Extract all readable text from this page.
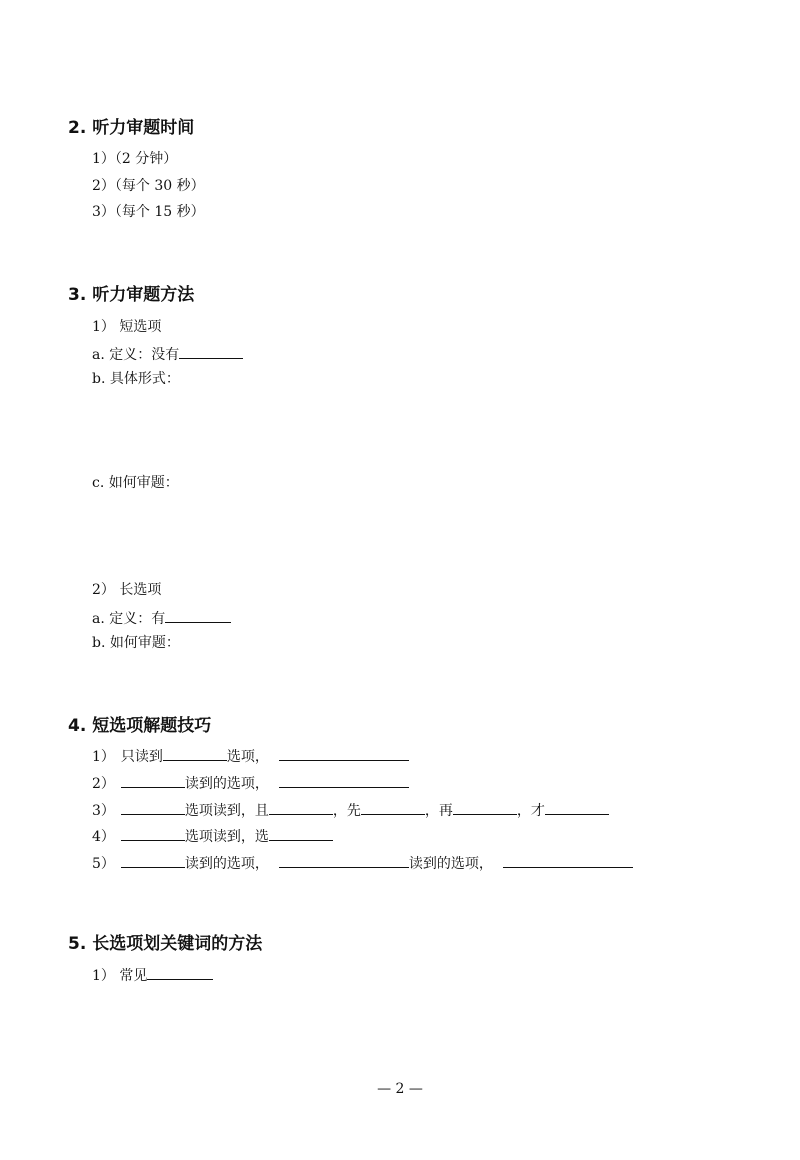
2. 听力审题时间
1）（2 分钟）
2）（每个 30 秒）
3）（每个 15 秒）
3. 听力审题方法
1） 短选项
a. 定义：没有
b. 具体形式：
c. 如何审题：
2） 长选项
a. 定义：有
b. 如何审题：
4. 短选项解题技巧
1） 只读到	选项，
2）	读到的选项，
3）	选项读到，且	，先	，再	，才
4）	选项读到，选
5）	读到的选项，	读到的选项，
5. 长选项划关键词的方法
1） 常见
— 2 —
